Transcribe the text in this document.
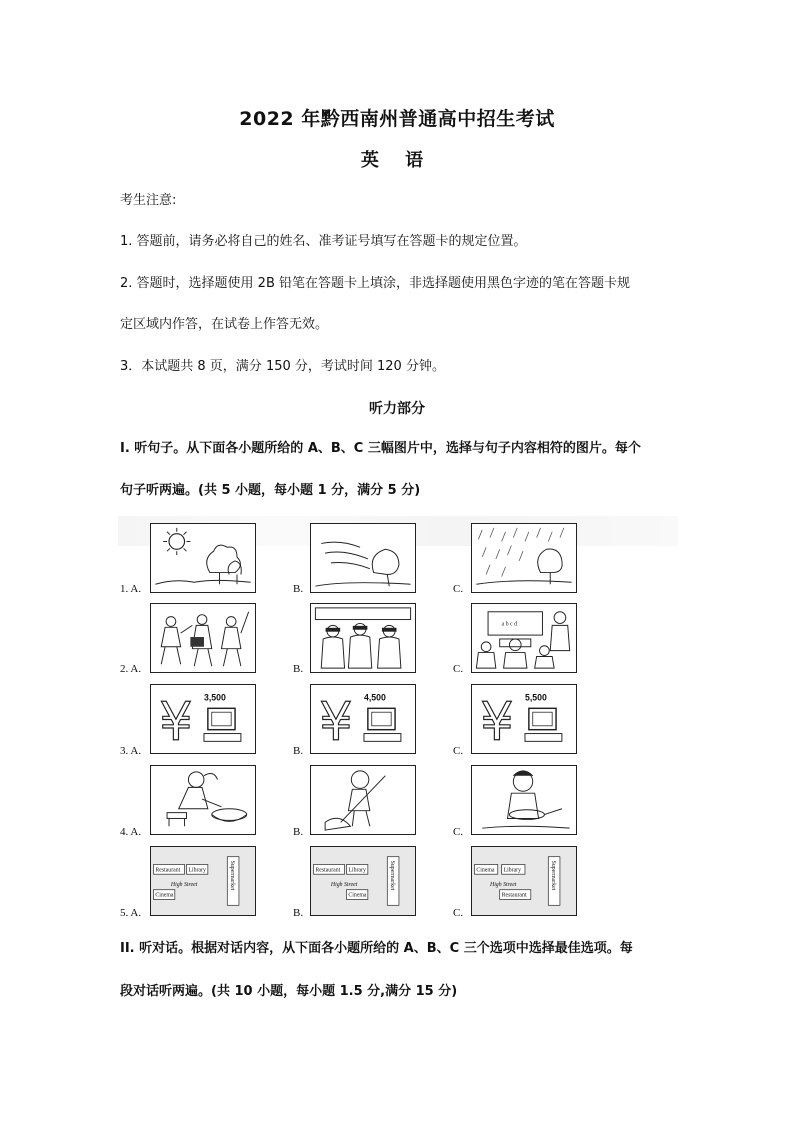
2022 年黔西南州普通高中招生考试
英 语
考生注意:
1. 答题前，请务必将自己的姓名、准考证号填写在答题卡的规定位置。
2. 答题时，选择题使用 2B 铅笔在答题卡上填涂，非选择题使用黑色字迹的笔在答题卡规
定区域内作答，在试卷上作答无效。
3．本试题共 8 页，满分 150 分，考试时间 120 分钟。
听力部分
I. 听句子。从下面各小题所给的 A、B、C 三幅图片中，选择与句子内容相符的图片。每个
句子听两遍。(共 5 小题，每小题 1 分，满分 5 分)
1. A.	B.	C.
2. A.	B.	C.
3. A.	B.	C.
4. A.	B.	C.
5. A.	B.	C.
a b c d
¥ 3,500 ¥ 4,500 ¥ 5,500
Restaurant Library
High Street
Cinema
Supermarket	Restaurant Library
High Street
Cinema
Supermarket	Cinema Library
High Street
Restaurant
Supermarket
II. 听对话。根据对话内容，从下面各小题所给的 A、B、C 三个选项中选择最佳选项。每
段对话听两遍。(共 10 小题，每小题 1.5 分,满分 15 分)
